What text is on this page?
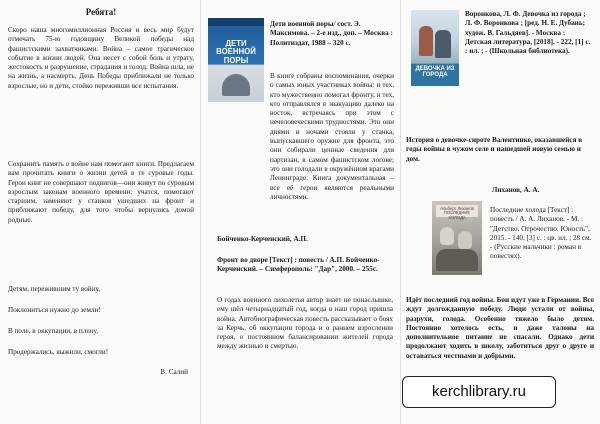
Ребята!

Скоро наша многомиллионная Россия и весь мир будут отмечать 75-ю годовщину Великой победы над фашистскими захватчиками. Война – самое трагическое событие в жизни людей. Она несет с собой боль и утрату, жестокость и разрушение, страдания и голод. Война шла, не на жизнь, а насмерть. День Победы приближали не только взрослые, но и дети, стойко переживши все испытания.

Сохранить память о войне нам помогают книги. Предлагаем вам прочитать книги о жизни детей в те суровые годы. Герои книг не совершают подвигов—они живут по суровым взрослым законам военного времени: учатся, помогают старшим, заменяют у станков ушедших на фронт и приближают победу, для того чтобы вернулись домой родные.

Детям, пережившим ту войну,

Поклониться нужно до земли!

В поле, в оккупации, в плену,

Продержались, выжили, смогли!

В. Салий

ДЕТИ ВОЕННОЙ ПОРЫ

Дети военной поры/ сост. Э. Максимова. – 2-е изд., доп. – Москва : Политиздат, 1988 – 320 с.

В книге собраны воспоминания, очерки о самых юных участниках войны: и тех, кто мужественно помогал фронту, и тех, кто отправлялся в эвакуацию далеко на восток, встречаясь при этом с нечеловеческими трудностями. Это они днями и ночами стояли у станка, выпускавшего оружие для фронта, это они собирали ценные сведения для партизан, в самом фашистском логове; это они голодали в окружённом врагами Ленинграде. Книга документальная – все её герои являются реальными личностями.

Бойченко-Керченский, А.П.

Фронт во дворе [Текст] : повесть / А.П. Бойченко-Керченский. – Симферополь: "Дар", 2000. – 255с.

О годах военного лихолетья автор знает не понаслышке, ему шёл четырнадцатый год, когда в наш город пришла война. Автобиографическая повесть рассказывает о боях за Керчь, об оккупации города и о раннем взрослении героя, о постоянном балансировании жителей города между жизнью и смертью.

ДЕВОЧКА ИЗ ГОРОДА

Воронкова, Л. Ф. Девочка из города ; Л. Ф. Воронкова ; [ред. Н. Е. Дубань; худож. В. Гальдяев]. - Москва : Детская литература, [2018]. - 222, [1] с. : ил. ; - (Школьная библиотека).

История о девочке-сироте Валентинке, оказавшейся в годы войны в чужом селе и нашедшей новую семью и дом.

Альберт Лиханов ПОСЛЕДНИЕ ХОЛОДА

Лиханов, А. А.

Последние холода [Текст] : повесть / А. А. Лиханов. - М. : "Детство. Отрочество. Юность", 2015. - 140, [3] с. : цв. ил. ; 28 см. - (Русские мальчики : роман в повестях).

Идёт последний год войны. Бои идут уже в Германии. Все ждут долгожданную победу. Люди устали от войны, разрухи, голода. Особенно тяжело было детям. Постоянно хотелось есть, и даже талоны на дополнительное питание не спасали. Однако дети продолжают ходить в школу, заботиться друг о друге и оставаться честными и добрыми.

kerchlibrary.ru
